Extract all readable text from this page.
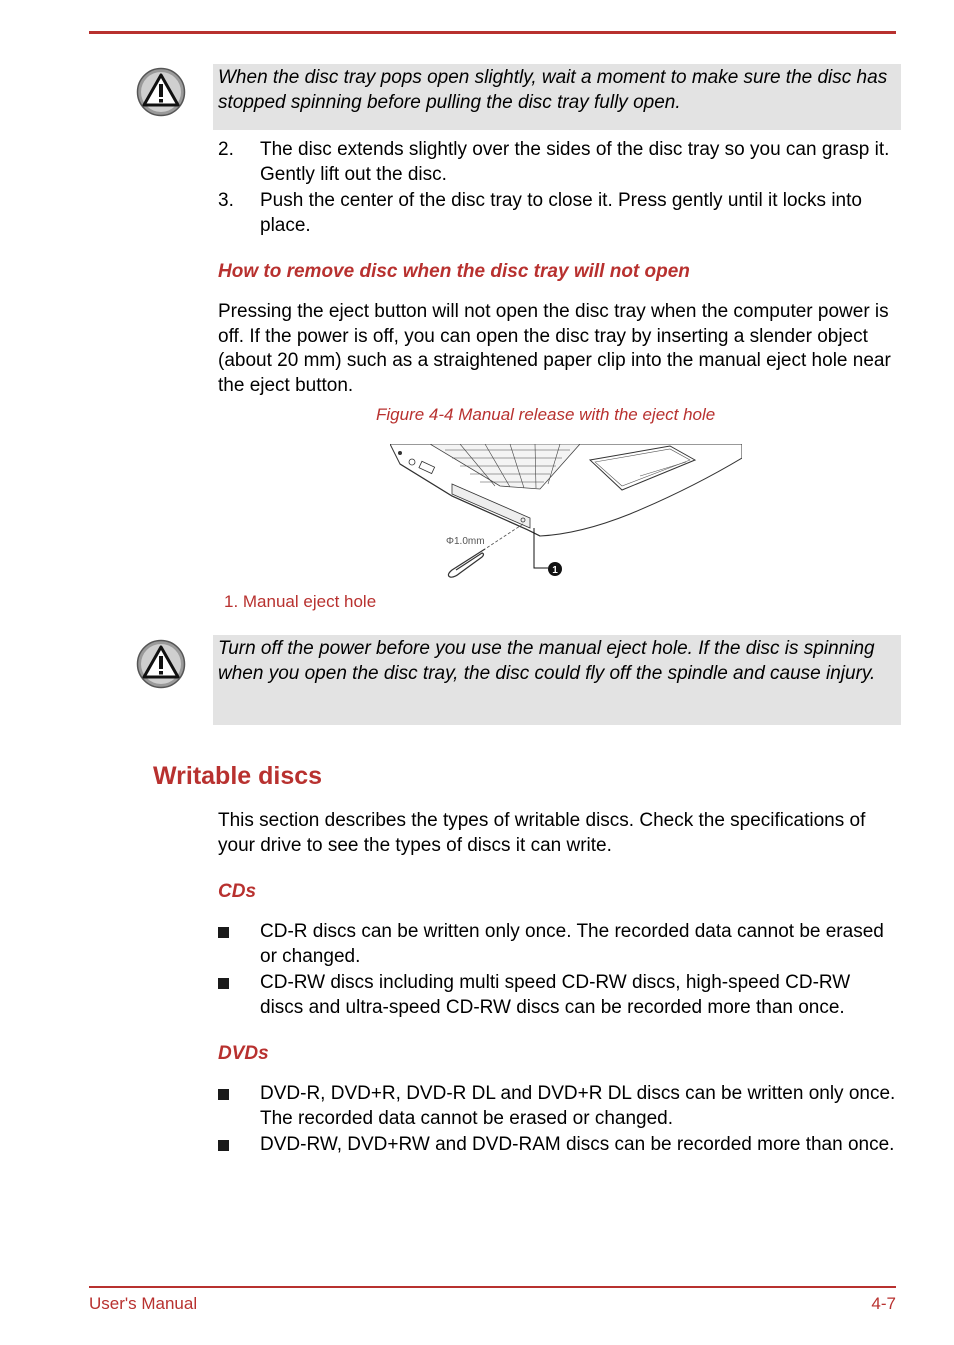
When the disc tray pops open slightly, wait a moment to make sure the disc has stopped spinning before pulling the disc tray fully open.
2. The disc extends slightly over the sides of the disc tray so you can grasp it. Gently lift out the disc.
3. Push the center of the disc tray to close it. Press gently until it locks into place.
How to remove disc when the disc tray will not open

Pressing the eject button will not open the disc tray when the computer power is off. If the power is off, you can open the disc tray by inserting a slender object (about 20 mm) such as a straightened paper clip into the manual eject hole near the eject button.

Figure 4-4 Manual release with the eject hole
1
Φ1.0mm
1. Manual eject hole
Turn off the power before you use the manual eject hole. If the disc is spinning when you open the disc tray, the disc could fly off the spindle and cause injury.
Writable discs

This section describes the types of writable discs. Check the specifications of your drive to see the types of discs it can write.

CDs
CD-R discs can be written only once. The recorded data cannot be erased or changed.
CD-RW discs including multi speed CD-RW discs, high-speed CD-RW discs and ultra-speed CD-RW discs can be recorded more than once.
DVDs
DVD-R, DVD+R, DVD-R DL and DVD+R DL discs can be written only once. The recorded data cannot be erased or changed.
DVD-RW, DVD+RW and DVD-RAM discs can be recorded more than once.
User's Manual	4-7
